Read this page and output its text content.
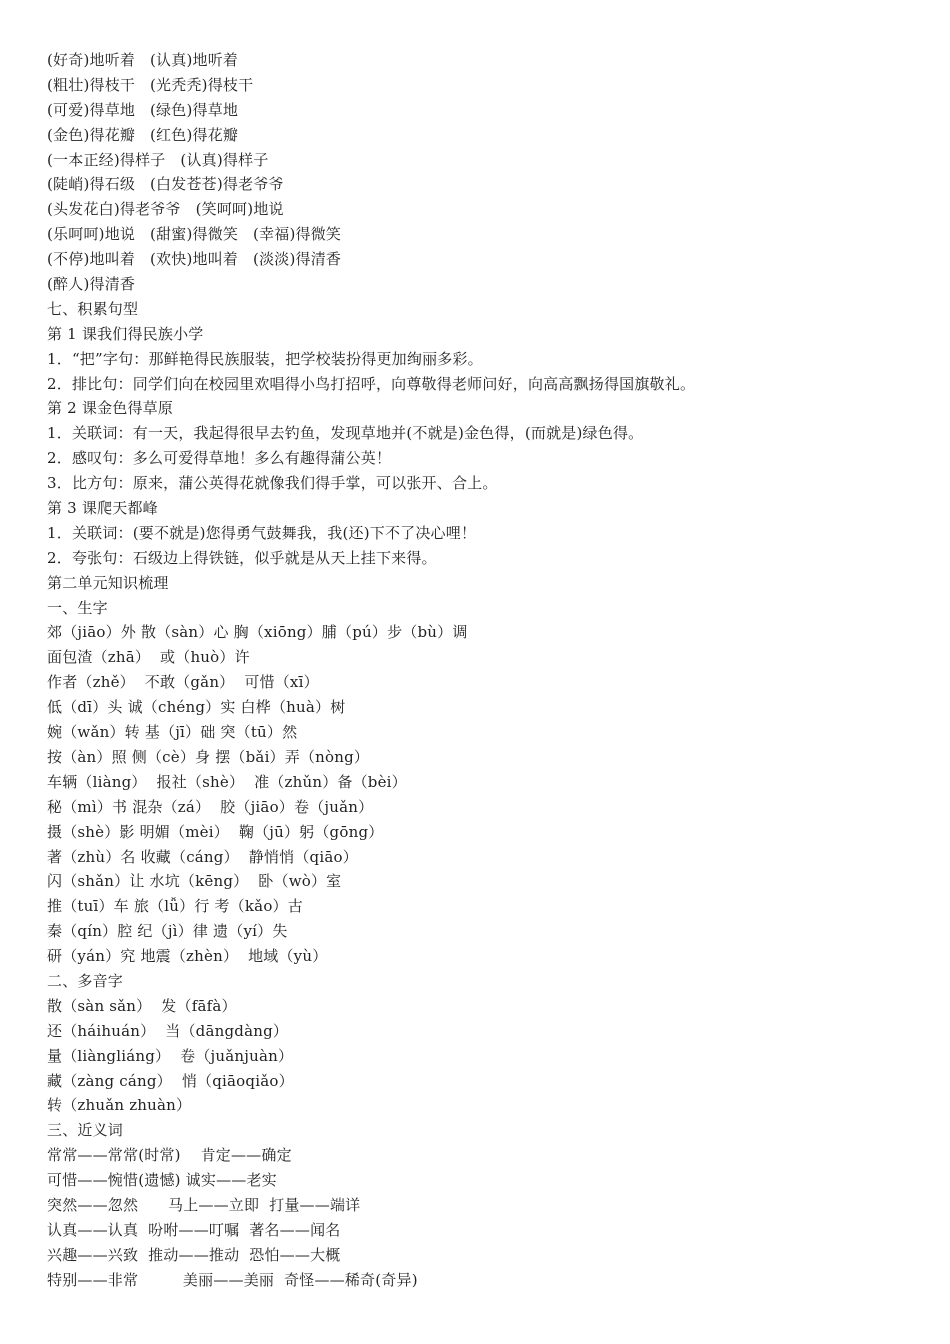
(好奇)地听着   (认真)地听着
(粗壮)得枝干   (光秃秃)得枝干
(可爱)得草地   (绿色)得草地
(金色)得花瓣   (红色)得花瓣
(一本正经)得样子   (认真)得样子
(陡峭)得石级   (白发苍苍)得老爷爷
(头发花白)得老爷爷   (笑呵呵)地说
(乐呵呵)地说   (甜蜜)得微笑   (幸福)得微笑
(不停)地叫着   (欢快)地叫着   (淡淡)得清香
(醉人)得清香
七、积累句型
第 1 课我们得民族小学
1．“把”字句：那鲜艳得民族服装，把学校装扮得更加绚丽多彩。
2．排比句：同学们向在校园里欢唱得小鸟打招呼，向尊敬得老师问好，向高高飘扬得国旗敬礼。
第 2 课金色得草原
1．关联词：有一天，我起得很早去钓鱼，发现草地并(不就是)金色得，(而就是)绿色得。
2．感叹句：多么可爱得草地！多么有趣得蒲公英！
3．比方句：原来，蒲公英得花就像我们得手掌，可以张开、合上。
第 3 课爬天都峰
1．关联词：(要不就是)您得勇气鼓舞我，我(还)下不了决心哩！
2．夸张句：石级边上得铁链，似乎就是从天上挂下来得。
第二单元知识梳理
一、生字
郊（jiāo）外 散（sàn）心 胸（xiōng）脯（pú）步（bù）调
面包渣（zhā）  或（huò）许
作者（zhě）  不敢（gǎn）  可惜（xī）
低（dī）头 诚（chéng）实 白桦（huà）树
婉（wǎn）转 基（jī）础 突（tū）然
按（àn）照 侧（cè）身 摆（bǎi）弄（nòng）
车辆（liàng）  报社（shè）  准（zhǔn）备（bèi）
秘（mì）书 混杂（zá）  胶（jiāo）卷（juǎn）
摄（shè）影 明媚（mèi）  鞠（jū）躬（gōng）
著（zhù）名 收藏（cáng）  静悄悄（qiāo）
闪（shǎn）让 水坑（kēng）  卧（wò）室
推（tuī）车 旅（lǚ）行 考（kǎo）古
秦（qín）腔 纪（jì）律 遗（yí）失
研（yán）究 地震（zhèn）  地域（yù）
二、多音字
散（sàn sǎn）  发（fāfà）
还（háihuán）  当（dāngdàng）
量（liàngliáng）  卷（juǎnjuàn）
藏（zàng cáng）  悄（qiāoqiǎo）
转（zhuǎn zhuàn）
三、近义词
常常——常常(时常)    肯定——确定
可惜——惋惜(遗憾) 诚实——老实
突然——忽然      马上——立即  打量——端详
认真——认真  吩咐——叮嘱  著名——闻名
兴趣——兴致  推动——推动  恐怕——大概
特别——非常         美丽——美丽  奇怪——稀奇(奇异)
